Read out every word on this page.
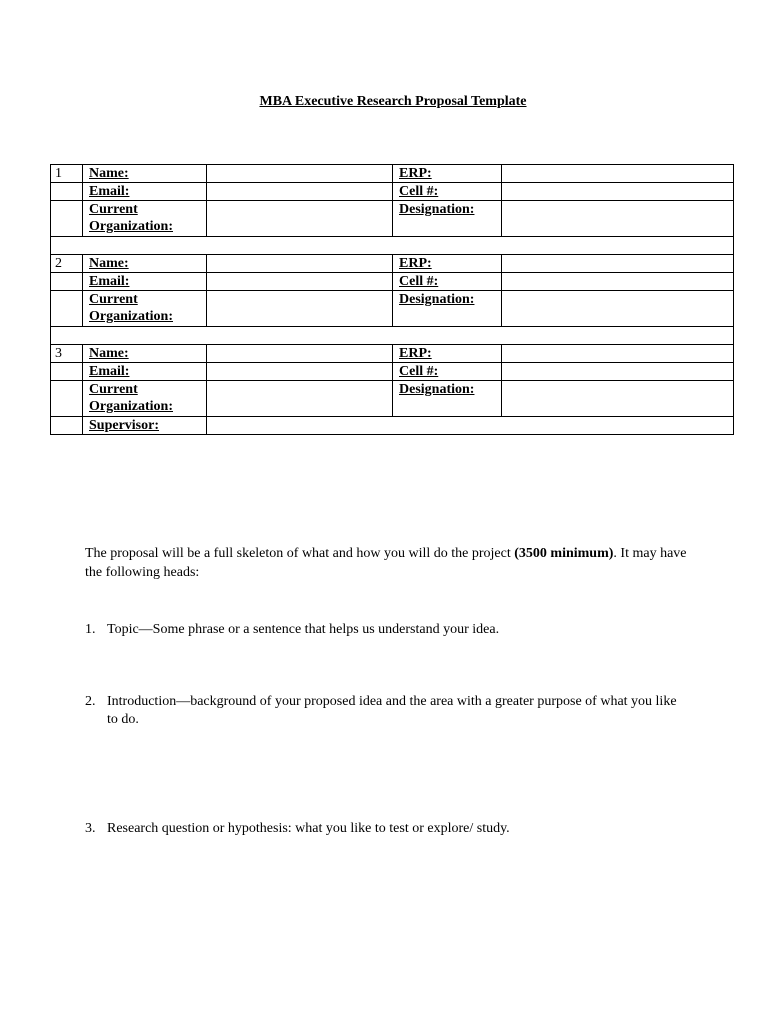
MBA Executive Research Proposal Template
1	Name:		ERP:	
	Email:		Cell #:	
	Current
Organization:		Designation:	

2	Name:		ERP:	
	Email:		Cell #:	
	Current
Organization:		Designation:	

3	Name:		ERP:	
	Email:		Cell #:	
	Current
Organization:		Designation:	
	Supervisor:			

The proposal will be a full skeleton of what and how you will do the project (3500 minimum). It may have the following heads:

1. Topic—Some phrase or a sentence that helps us understand your idea.
2. Introduction—background of your proposed idea and the area with a greater purpose of what you like to do.
3. Research question or hypothesis: what you like to test or explore/ study.
